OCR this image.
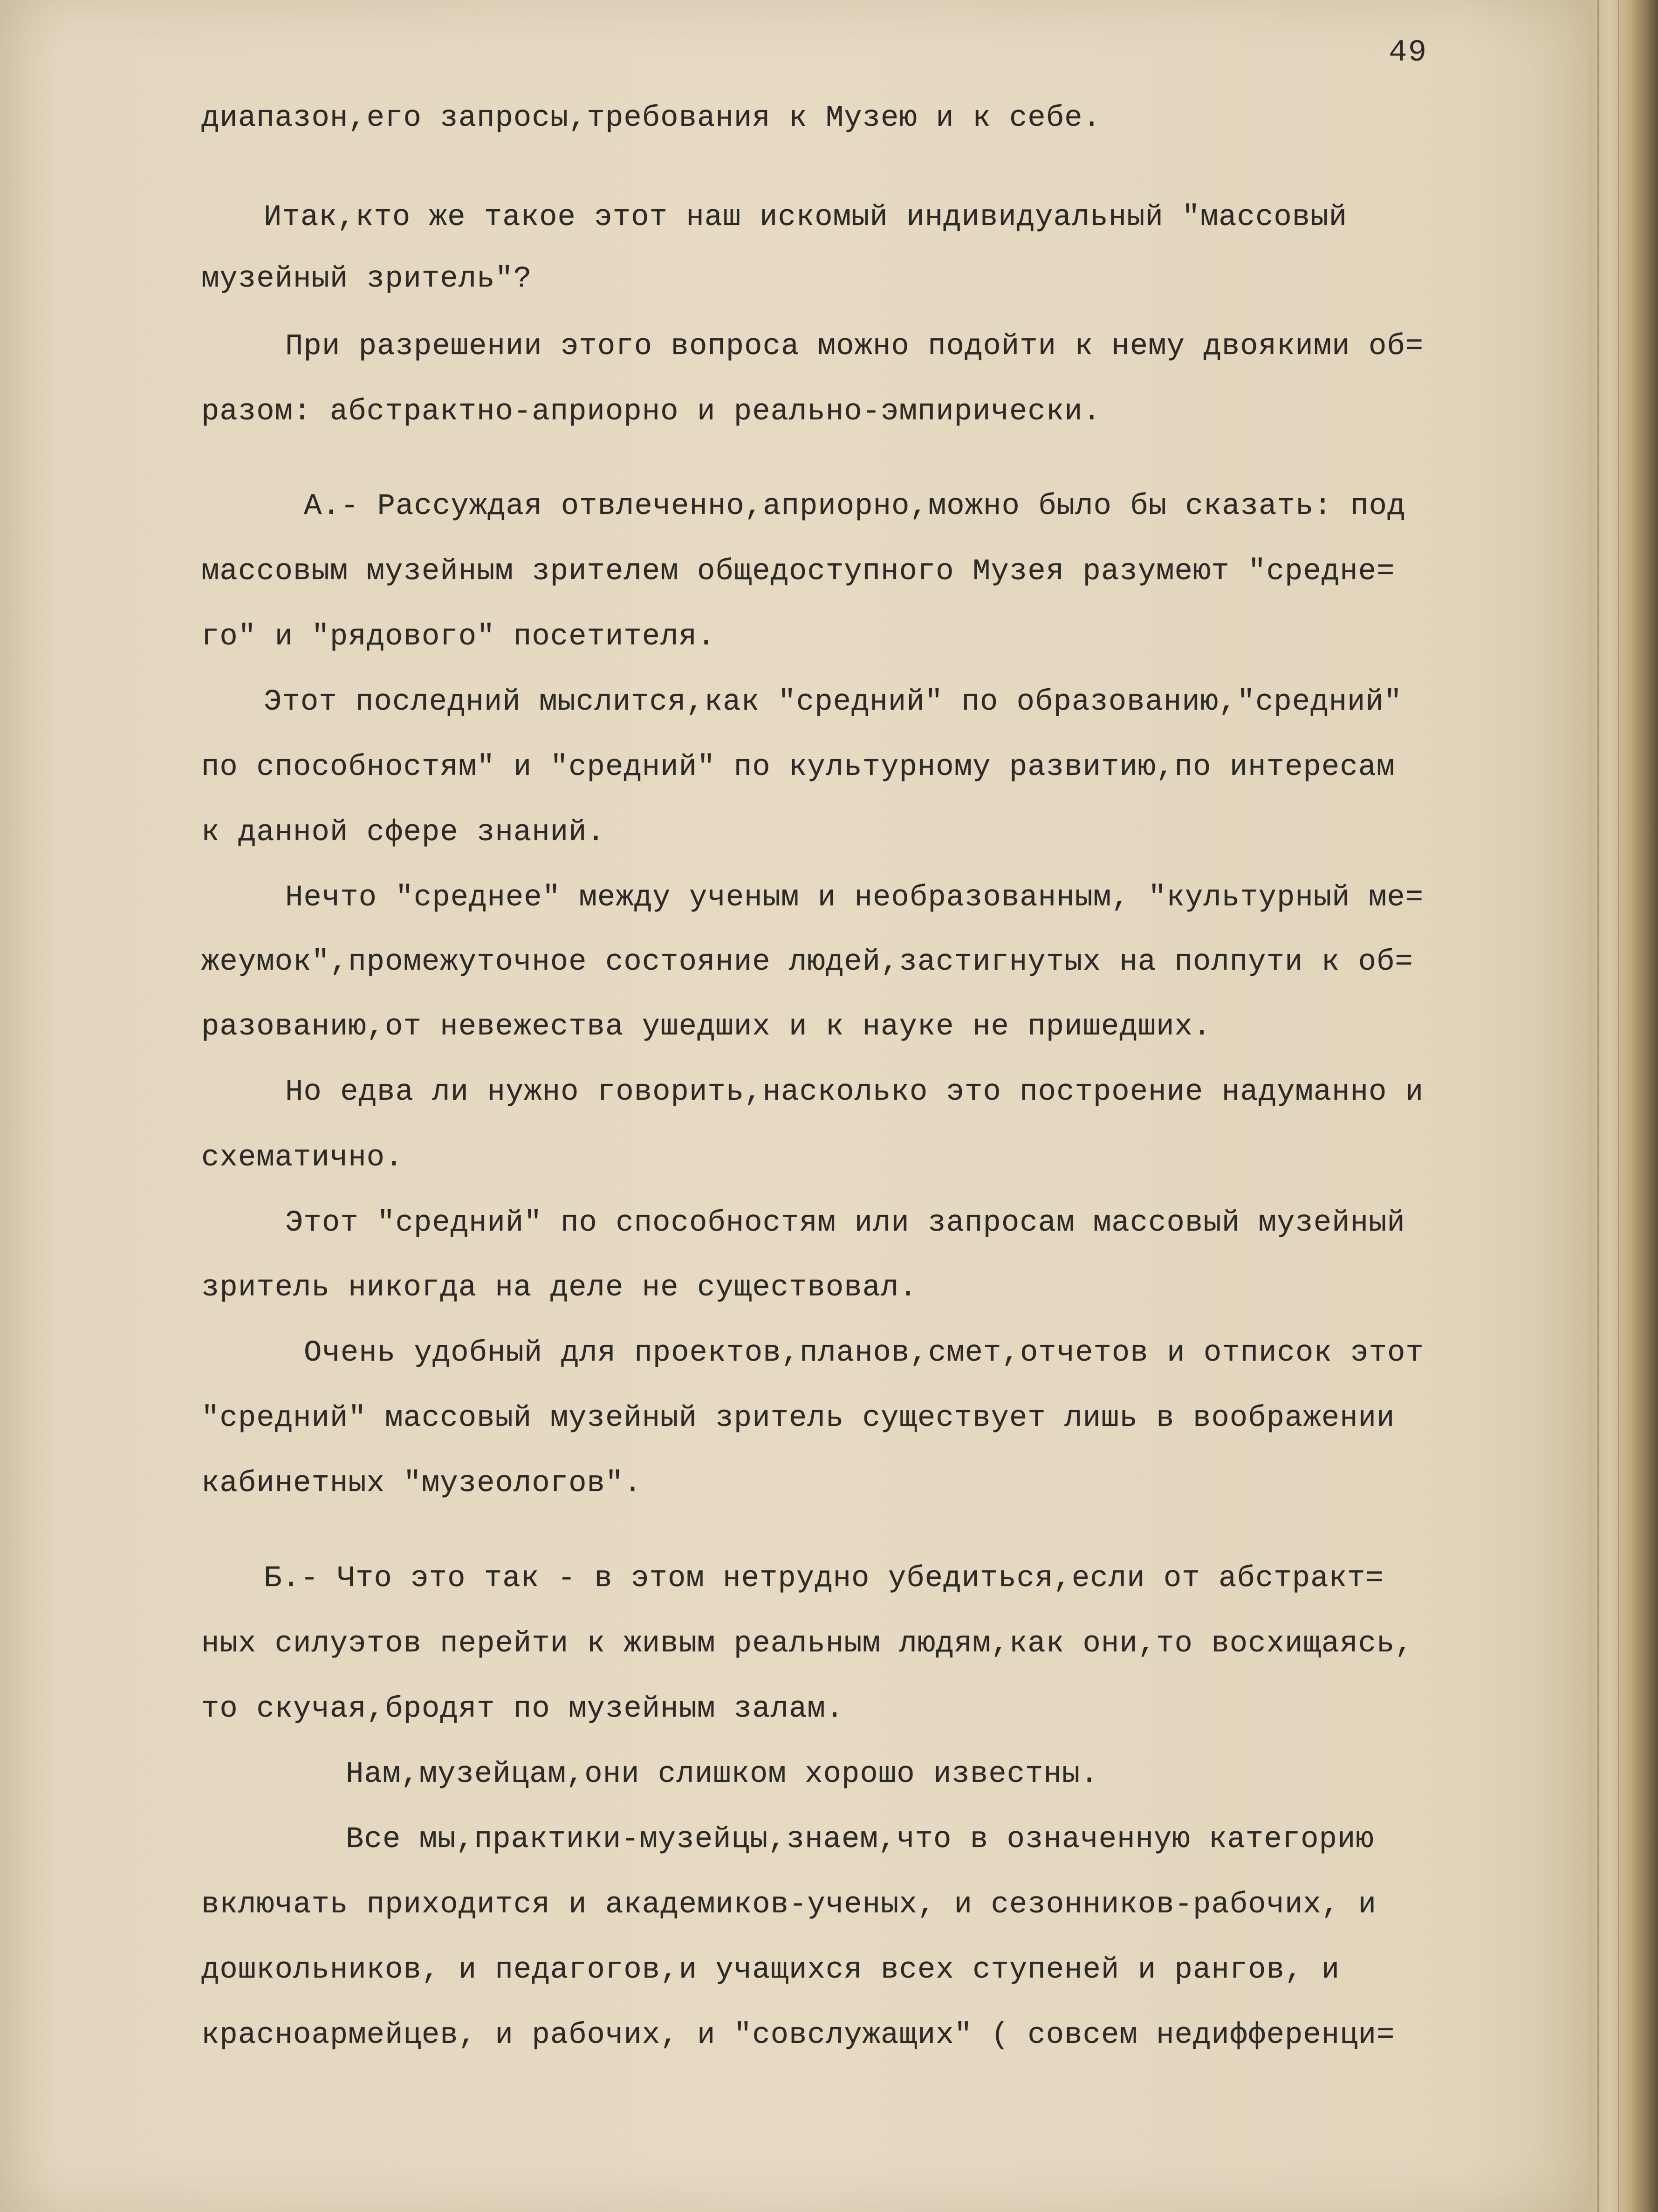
49
диапазон,его запросы,требования к Музею и к себе.
Итак,кто же такое этот наш искомый индивидуальный "массовый
музейный зритель"?
При разрешении этого вопроса можно подойти к нему двоякими об=
разом: абстрактно-априорно и реально-эмпирически.
А.- Рассуждая отвлеченно,априорно,можно было бы сказать: под
массовым музейным зрителем общедоступного Музея разумеют "средне=
го" и "рядового" посетителя.
Этот последний мыслится,как "средний" по образованию,"средний"
по способностям" и "средний" по культурному развитию,по интересам
к данной сфере знаний.
Нечто "среднее" между ученым и необразованным, "культурный ме=
жеумок",промежуточное состояние людей,застигнутых на полпути к об=
разованию,от невежества ушедших и к науке не пришедших.
Но едва ли нужно говорить,насколько это построение надуманно и
схематично.
Этот "средний" по способностям или запросам массовый музейный
зритель никогда на деле не существовал.
Очень удобный для проектов,планов,смет,отчетов и отписок этот
"средний" массовый музейный зритель существует лишь в воображении
кабинетных "музеологов".
Б.- Что это так - в этом нетрудно убедиться,если от абстракт=
ных силуэтов перейти к живым реальным людям,как они,то восхищаясь,
то скучая,бродят по музейным залам.
Нам,музейцам,они слишком хорошо известны.
Все мы,практики-музейцы,знаем,что в означенную категорию
включать приходится и академиков-ученых, и сезонников-рабочих, и
дошкольников, и педагогов,и учащихся всех ступеней и рангов, и
красноармейцев, и рабочих, и "совслужащих" ( совсем недифференци=
